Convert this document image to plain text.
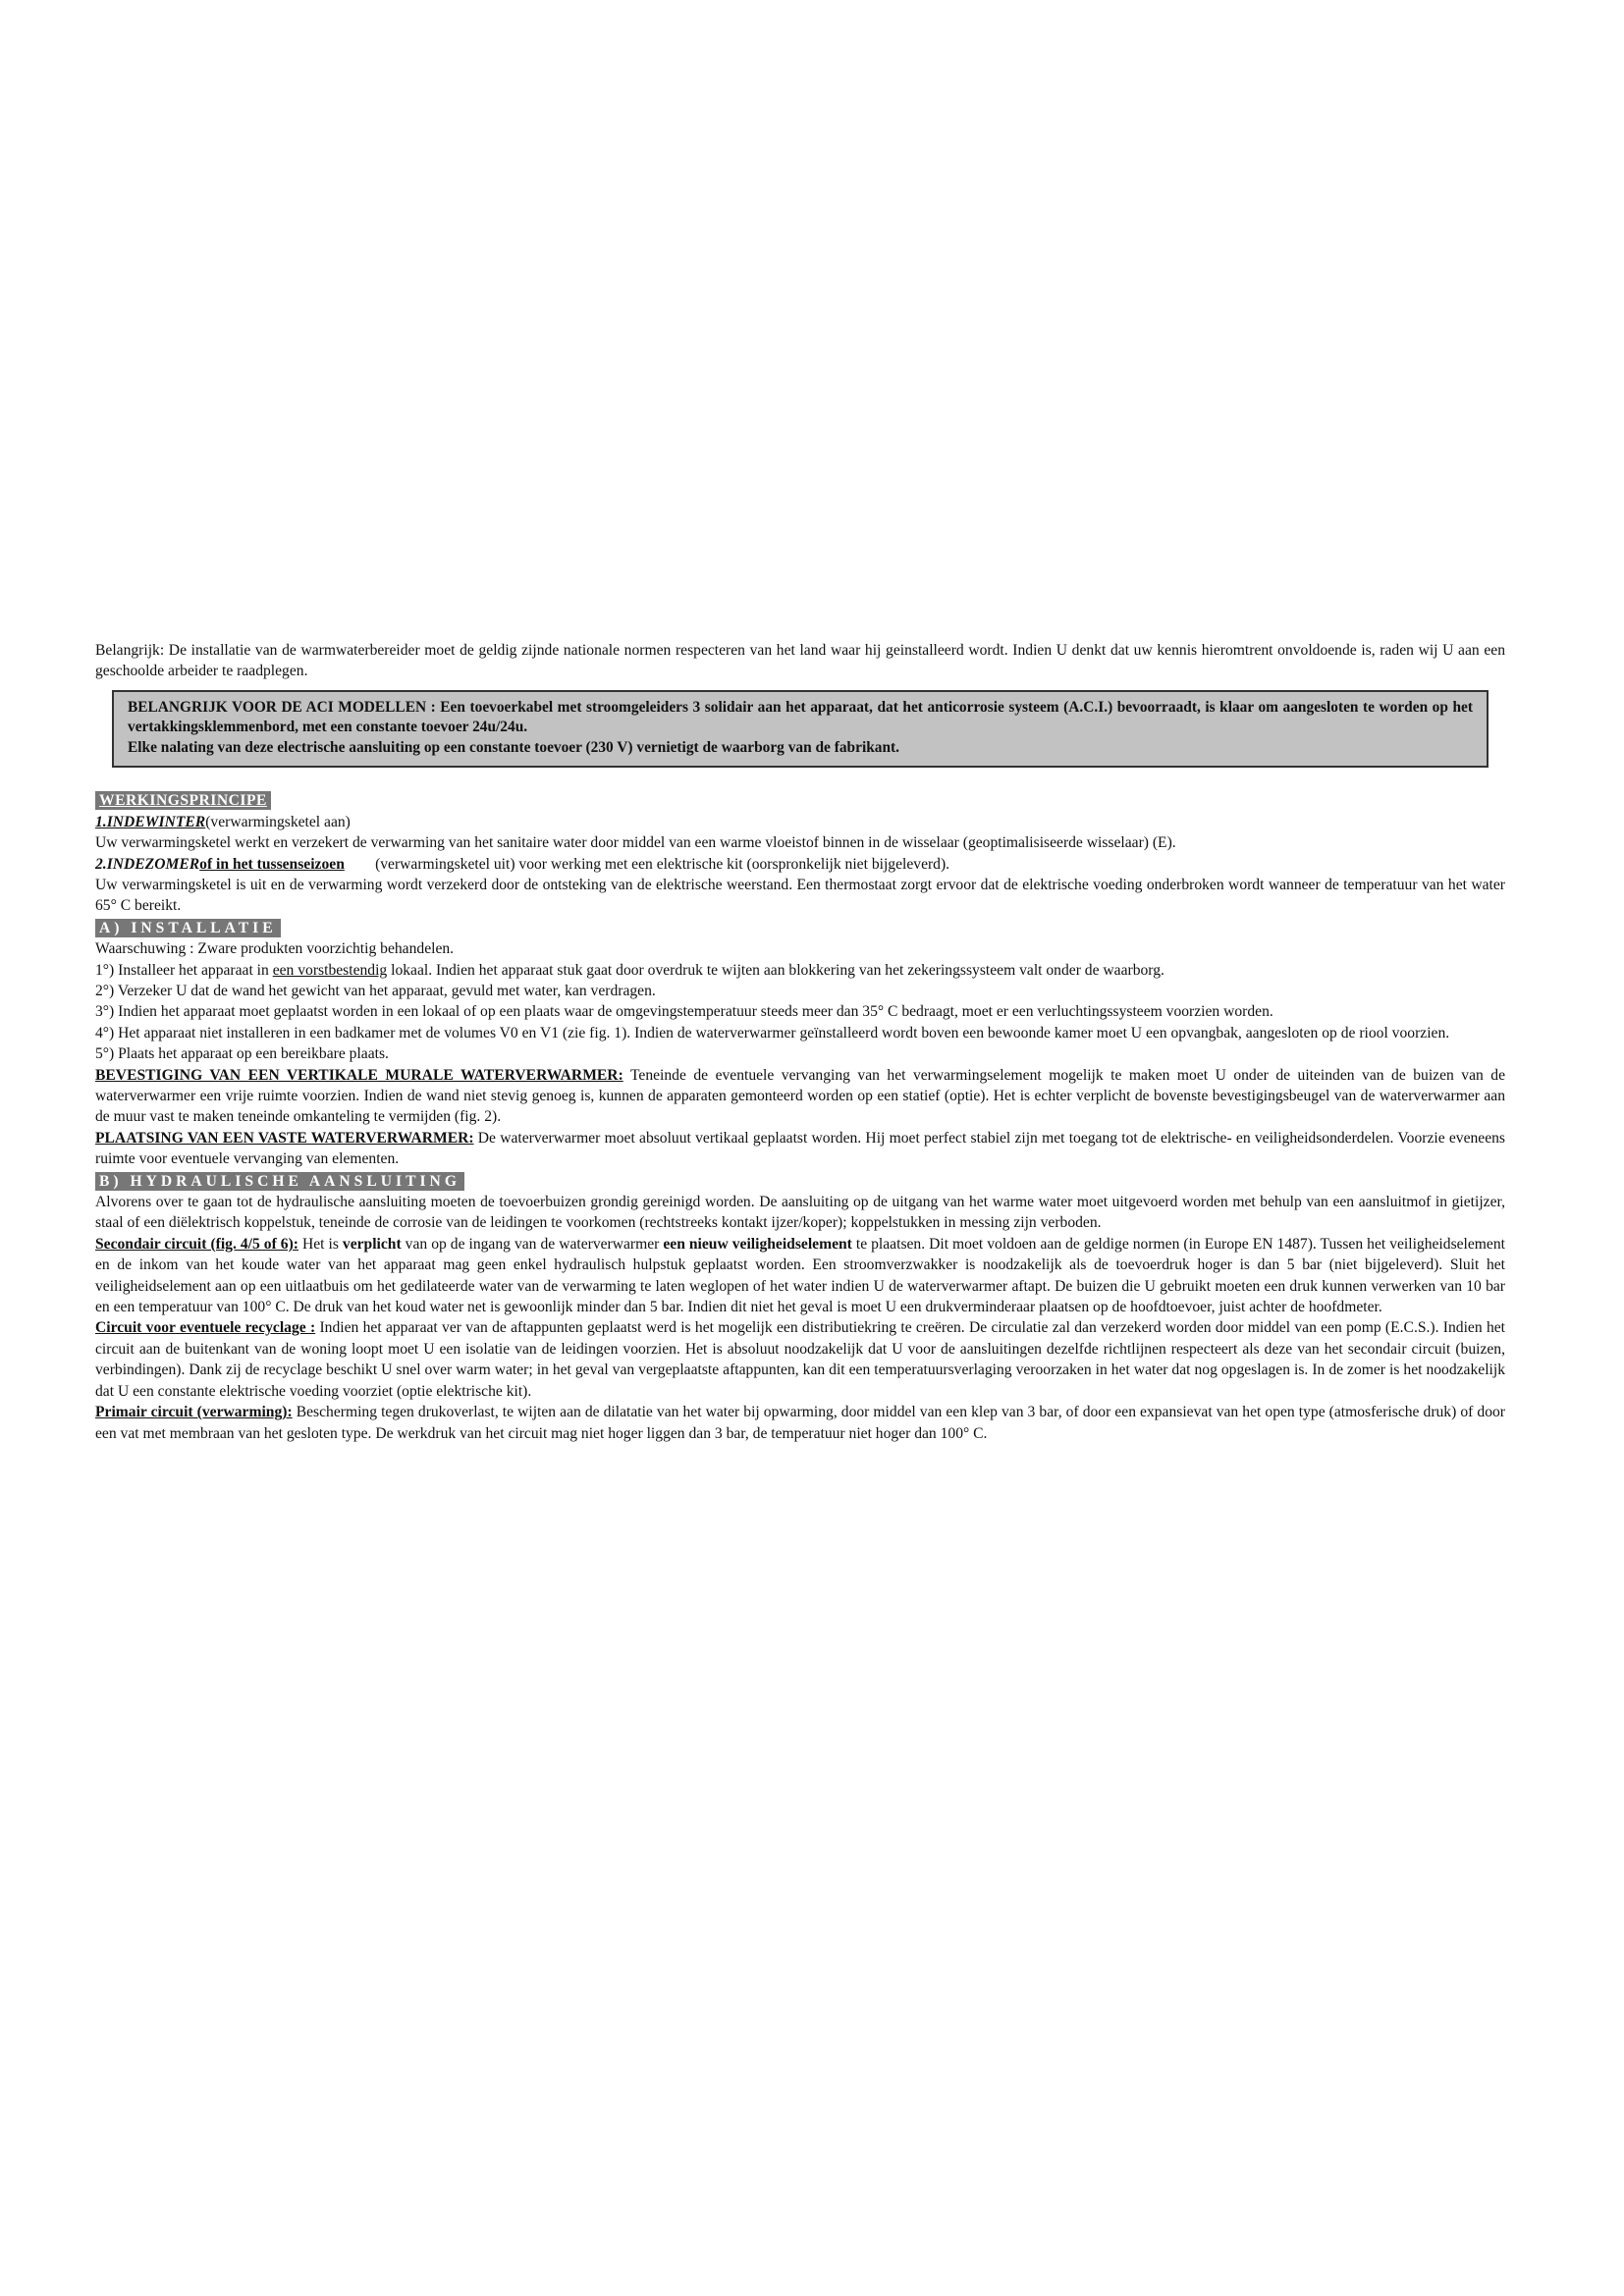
Belangrijk: De installatie van de warmwaterbereider moet de geldig zijnde nationale normen respecteren van het land waar hij geinstalleerd wordt. Indien U denkt dat uw kennis hieromtrent onvoldoende is, raden wij U aan een geschoolde arbeider te raadplegen.

BELANGRIJK VOOR DE ACI MODELLEN : Een toevoerkabel met stroomgeleiders 3 solidair aan het apparaat, dat het anticorrosie systeem (A.C.I.) bevoorraadt, is klaar om aangesloten te worden op het vertakkingsklemmenbord, met een constante toevoer 24u/24u.

Elke nalating van deze electrische aansluiting op een constante toevoer (230 V) vernietigt de waarborg van de fabrikant.

WERKINGSPRINCIPE

1.INDEWINTER(verwarmingsketel aan)

Uw verwarmingsketel werkt en verzekert de verwarming van het sanitaire water door middel van een warme vloeistof binnen in de wisselaar (geoptimalisiseerde wisselaar) (E).

2.INDEZOMERof in het tussenseizoen (verwarmingsketel uit) voor werking met een elektrische kit (oorspronkelijk niet bijgeleverd).

Uw verwarmingsketel is uit en de verwarming wordt verzekerd door de ontsteking van de elektrische weerstand. Een thermostaat zorgt ervoor dat de elektrische voeding onderbroken wordt wanneer de temperatuur van het water 65° C bereikt.

A) INSTALLATIE

Waarschuwing : Zware produkten voorzichtig behandelen.

1°) Installeer het apparaat in een vorstbestendig lokaal. Indien het apparaat stuk gaat door overdruk te wijten aan blokkering van het zekeringssysteem valt onder de waarborg.

2°) Verzeker U dat de wand het gewicht van het apparaat, gevuld met water, kan verdragen.

3°) Indien het apparaat moet geplaatst worden in een lokaal of op een plaats waar de omgevingstemperatuur steeds meer dan 35° C bedraagt, moet er een verluchtingssysteem voorzien worden.

4°) Het apparaat niet installeren in een badkamer met de volumes V0 en V1 (zie fig. 1). Indien de waterverwarmer geïnstalleerd wordt boven een bewoonde kamer moet U een opvangbak, aangesloten op de riool voorzien.

5°) Plaats het apparaat op een bereikbare plaats.

BEVESTIGING VAN EEN VERTIKALE MURALE WATERVERWARMER: Teneinde de eventuele vervanging van het verwarmingselement mogelijk te maken moet U onder de uiteinden van de buizen van de waterverwarmer een vrije ruimte voorzien. Indien de wand niet stevig genoeg is, kunnen de apparaten gemonteerd worden op een statief (optie). Het is echter verplicht de bovenste bevestigingsbeugel van de waterverwarmer aan de muur vast te maken teneinde omkanteling te vermijden (fig. 2).

PLAATSING VAN EEN VASTE WATERVERWARMER: De waterverwarmer moet absoluut vertikaal geplaatst worden. Hij moet perfect stabiel zijn met toegang tot de elektrische- en veiligheidsonderdelen. Voorzie eveneens ruimte voor eventuele vervanging van elementen.

B) HYDRAULISCHE AANSLUITING

Alvorens over te gaan tot de hydraulische aansluiting moeten de toevoerbuizen grondig gereinigd worden. De aansluiting op de uitgang van het warme water moet uitgevoerd worden met behulp van een aansluitmof in gietijzer, staal of een diëlektrisch koppelstuk, teneinde de corrosie van de leidingen te voorkomen (rechtstreeks kontakt ijzer/koper); koppelstukken in messing zijn verboden.

Secondair circuit (fig. 4/5 of 6): Het is verplicht van op de ingang van de waterverwarmer een nieuw veiligheidselement te plaatsen. Dit moet voldoen aan de geldige normen (in Europe EN 1487). Tussen het veiligheidselement en de inkom van het koude water van het apparaat mag geen enkel hydraulisch hulpstuk geplaatst worden. Een stroomverzwakker is noodzakelijk als de toevoerdruk hoger is dan 5 bar (niet bijgeleverd). Sluit het veiligheidselement aan op een uitlaatbuis om het gedilateerde water van de verwarming te laten weglopen of het water indien U de waterverwarmer aftapt. De buizen die U gebruikt moeten een druk kunnen verwerken van 10 bar en een temperatuur van 100° C. De druk van het koud water net is gewoonlijk minder dan 5 bar. Indien dit niet het geval is moet U een drukverminderaar plaatsen op de hoofdtoevoer, juist achter de hoofdmeter.

Circuit voor eventuele recyclage : Indien het apparaat ver van de aftappunten geplaatst werd is het mogelijk een distributiekring te creëren. De circulatie zal dan verzekerd worden door middel van een pomp (E.C.S.). Indien het circuit aan de buitenkant van de woning loopt moet U een isolatie van de leidingen voorzien. Het is absoluut noodzakelijk dat U voor de aansluitingen dezelfde richtlijnen respecteert als deze van het secondair circuit (buizen, verbindingen). Dank zij de recyclage beschikt U snel over warm water; in het geval van vergeplaatste aftappunten, kan dit een temperatuursverlaging veroorzaken in het water dat nog opgeslagen is. In de zomer is het noodzakelijk dat U een constante elektrische voeding voorziet (optie elektrische kit).

Primair circuit (verwarming): Bescherming tegen drukoverlast, te wijten aan de dilatatie van het water bij opwarming, door middel van een klep van 3 bar, of door een expansievat van het open type (atmosferische druk) of door een vat met membraan van het gesloten type. De werkdruk van het circuit mag niet hoger liggen dan 3 bar, de temperatuur niet hoger dan 100° C.
